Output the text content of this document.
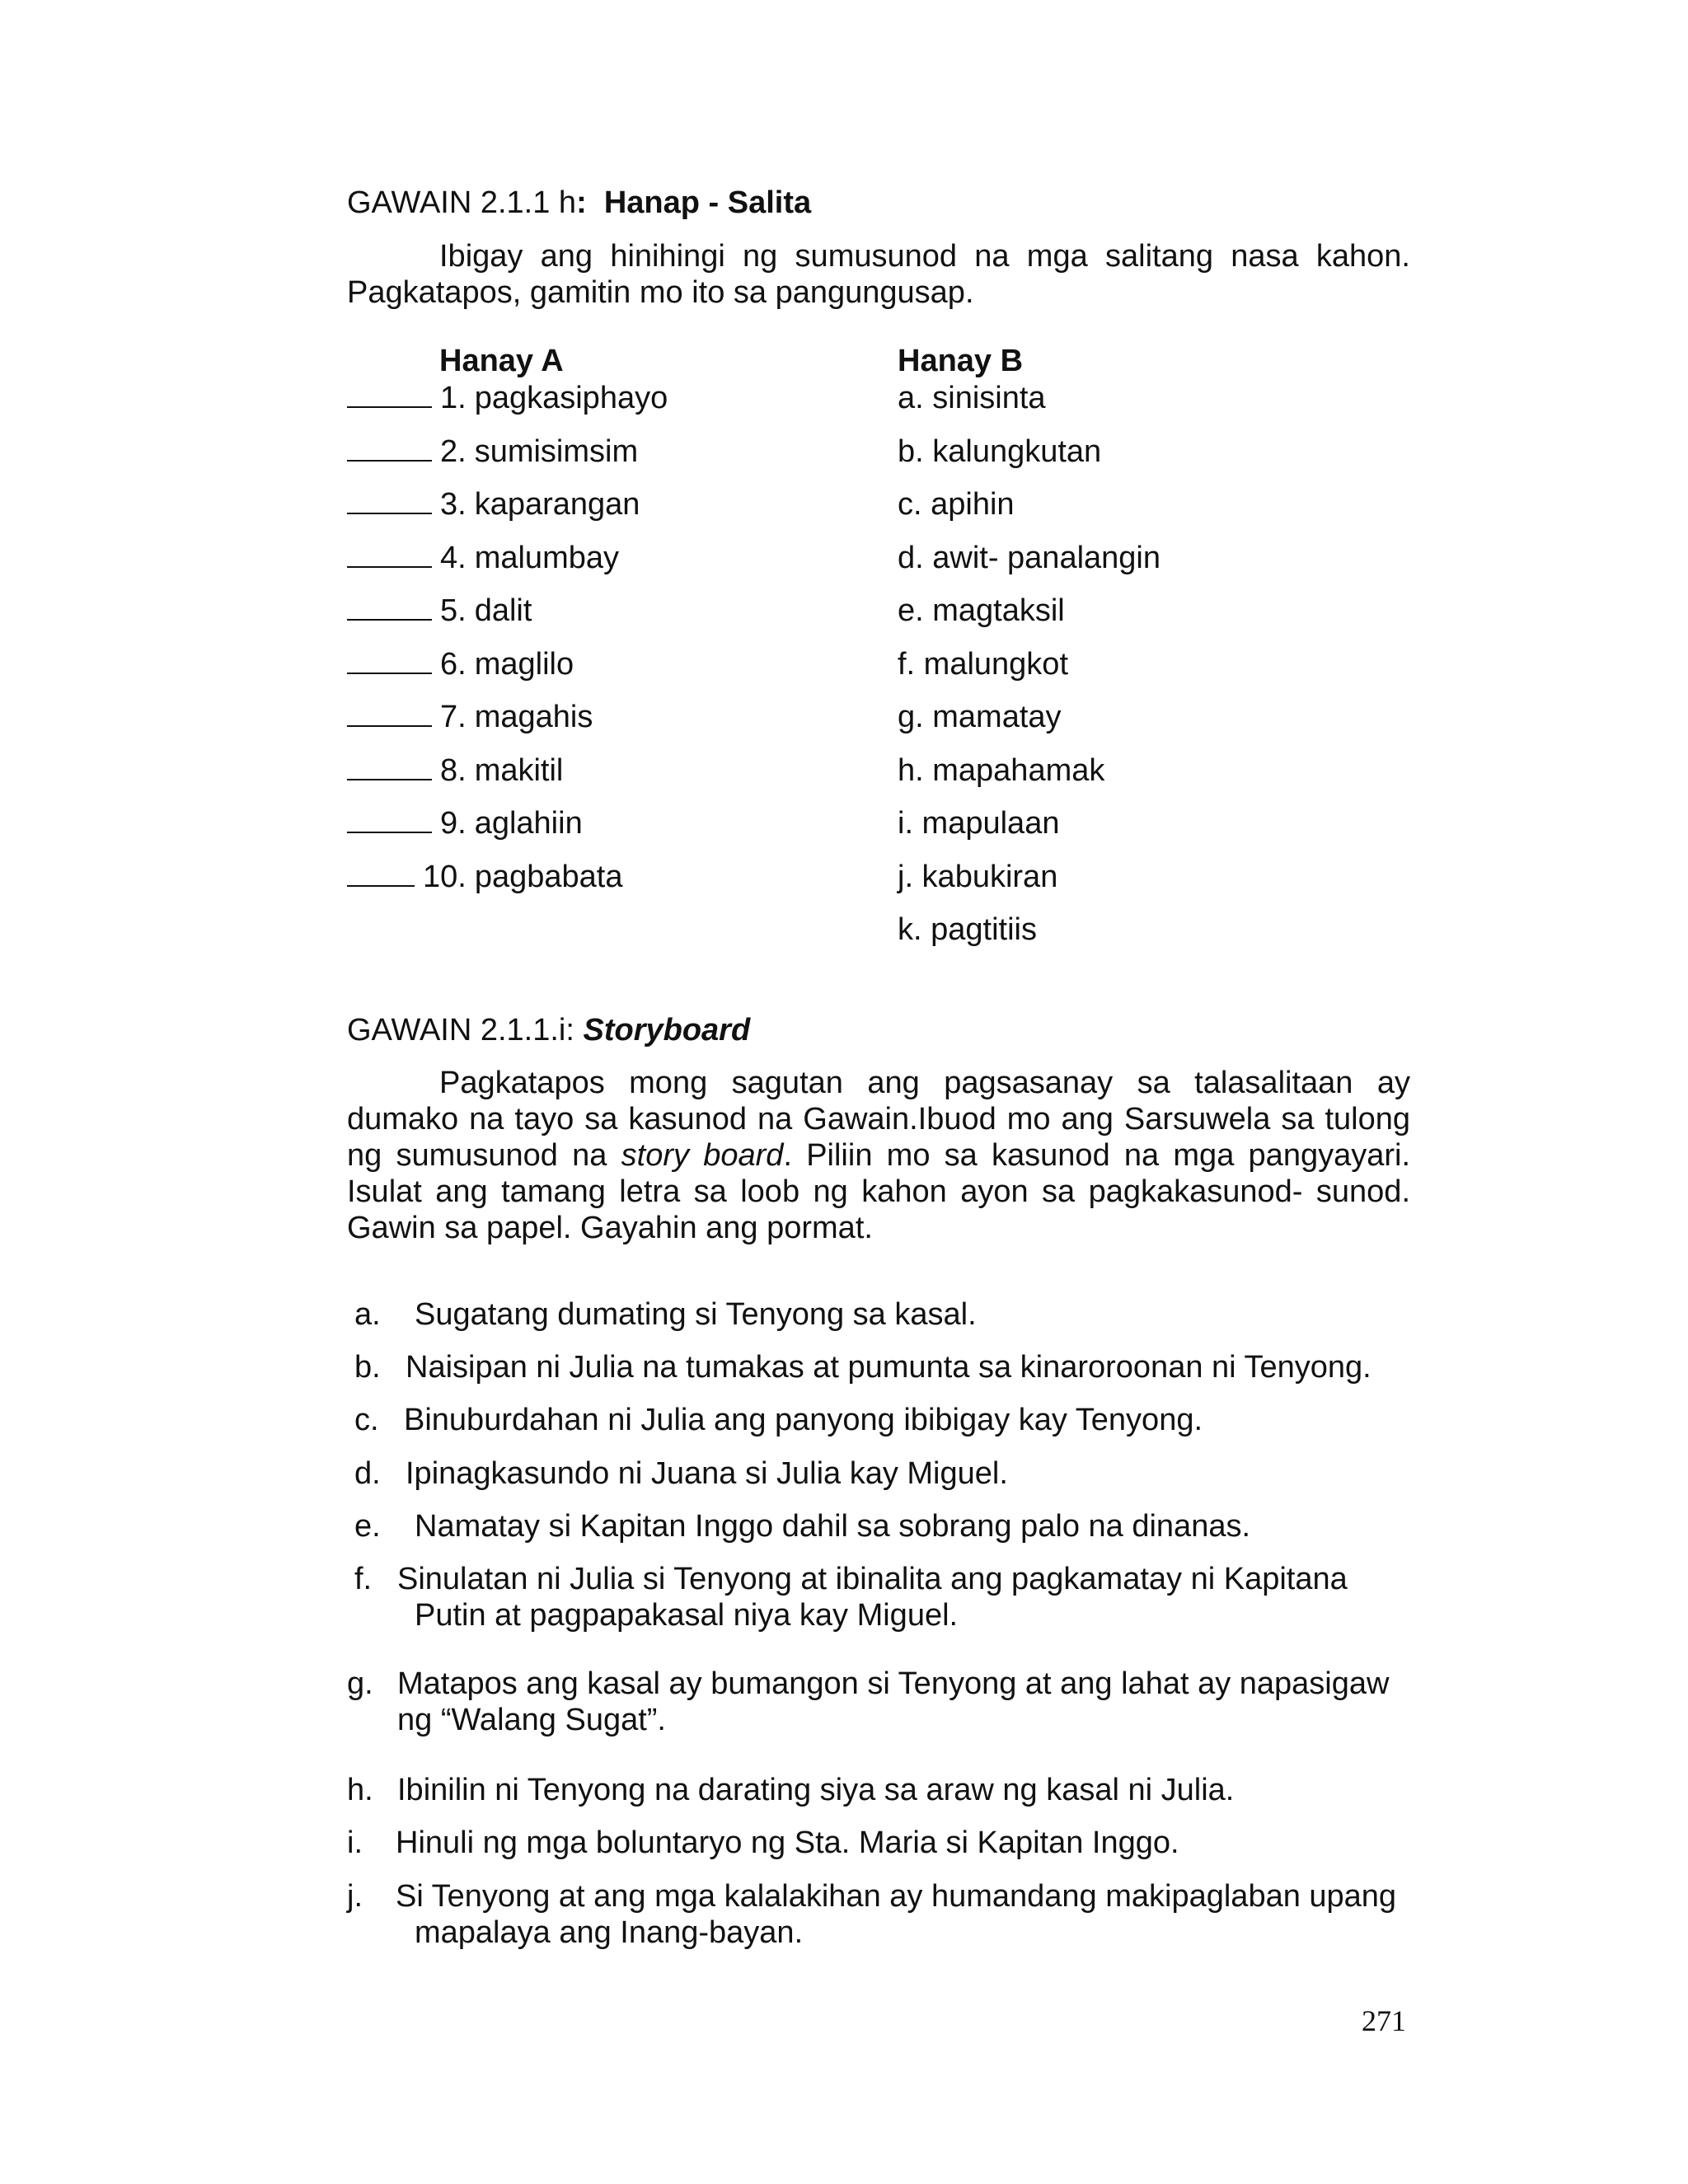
GAWAIN 2.1.1 h: Hanap - Salita
Ibigay ang hinihingi ng sumusunod na mga salitang nasa kahon.
Pagkatapos, gamitin mo ito sa pangungusap.
Hanay A	Hanay B
1. pagkasiphayo
2. sumisimsim
3. kaparangan
4. malumbay
5. dalit
6. maglilo
7. magahis
8. makitil
9. aglahiin
10. pagbabata
a. sinisinta
b. kalungkutan
c. apihin
d. awit- panalangin
e. magtaksil
f. malungkot
g. mamatay
h. mapahamak
i. mapulaan
j. kabukiran
k. pagtitiis
GAWAIN 2.1.1.i: Storyboard
Pagkatapos mong sagutan ang pagsasanay sa talasalitaan ay
dumako na tayo sa kasunod na Gawain.Ibuod mo ang Sarsuwela sa tulong
ng sumusunod na story board. Piliin mo sa kasunod na mga pangyayari.
Isulat ang tamang letra sa loob ng kahon ayon sa pagkakasunod- sunod.
Gawin sa papel. Gayahin ang pormat.
a. Sugatang dumating si Tenyong sa kasal.
b. Naisipan ni Julia na tumakas at pumunta sa kinaroroonan ni Tenyong.
c. Binuburdahan ni Julia ang panyong ibibigay kay Tenyong.
d. Ipinagkasundo ni Juana si Julia kay Miguel.
e. Namatay si Kapitan Inggo dahil sa sobrang palo na dinanas.
f. Sinulatan ni Julia si Tenyong at ibinalita ang pagkamatay ni Kapitana
Putin at pagpapakasal niya kay Miguel.
g. Matapos ang kasal ay bumangon si Tenyong at ang lahat ay napasigaw
ng “Walang Sugat”.
h. Ibinilin ni Tenyong na darating siya sa araw ng kasal ni Julia.
i. Hinuli ng mga boluntaryo ng Sta. Maria si Kapitan Inggo.
j. Si Tenyong at ang mga kalalakihan ay humandang makipaglaban upang
mapalaya ang Inang-bayan.
271
